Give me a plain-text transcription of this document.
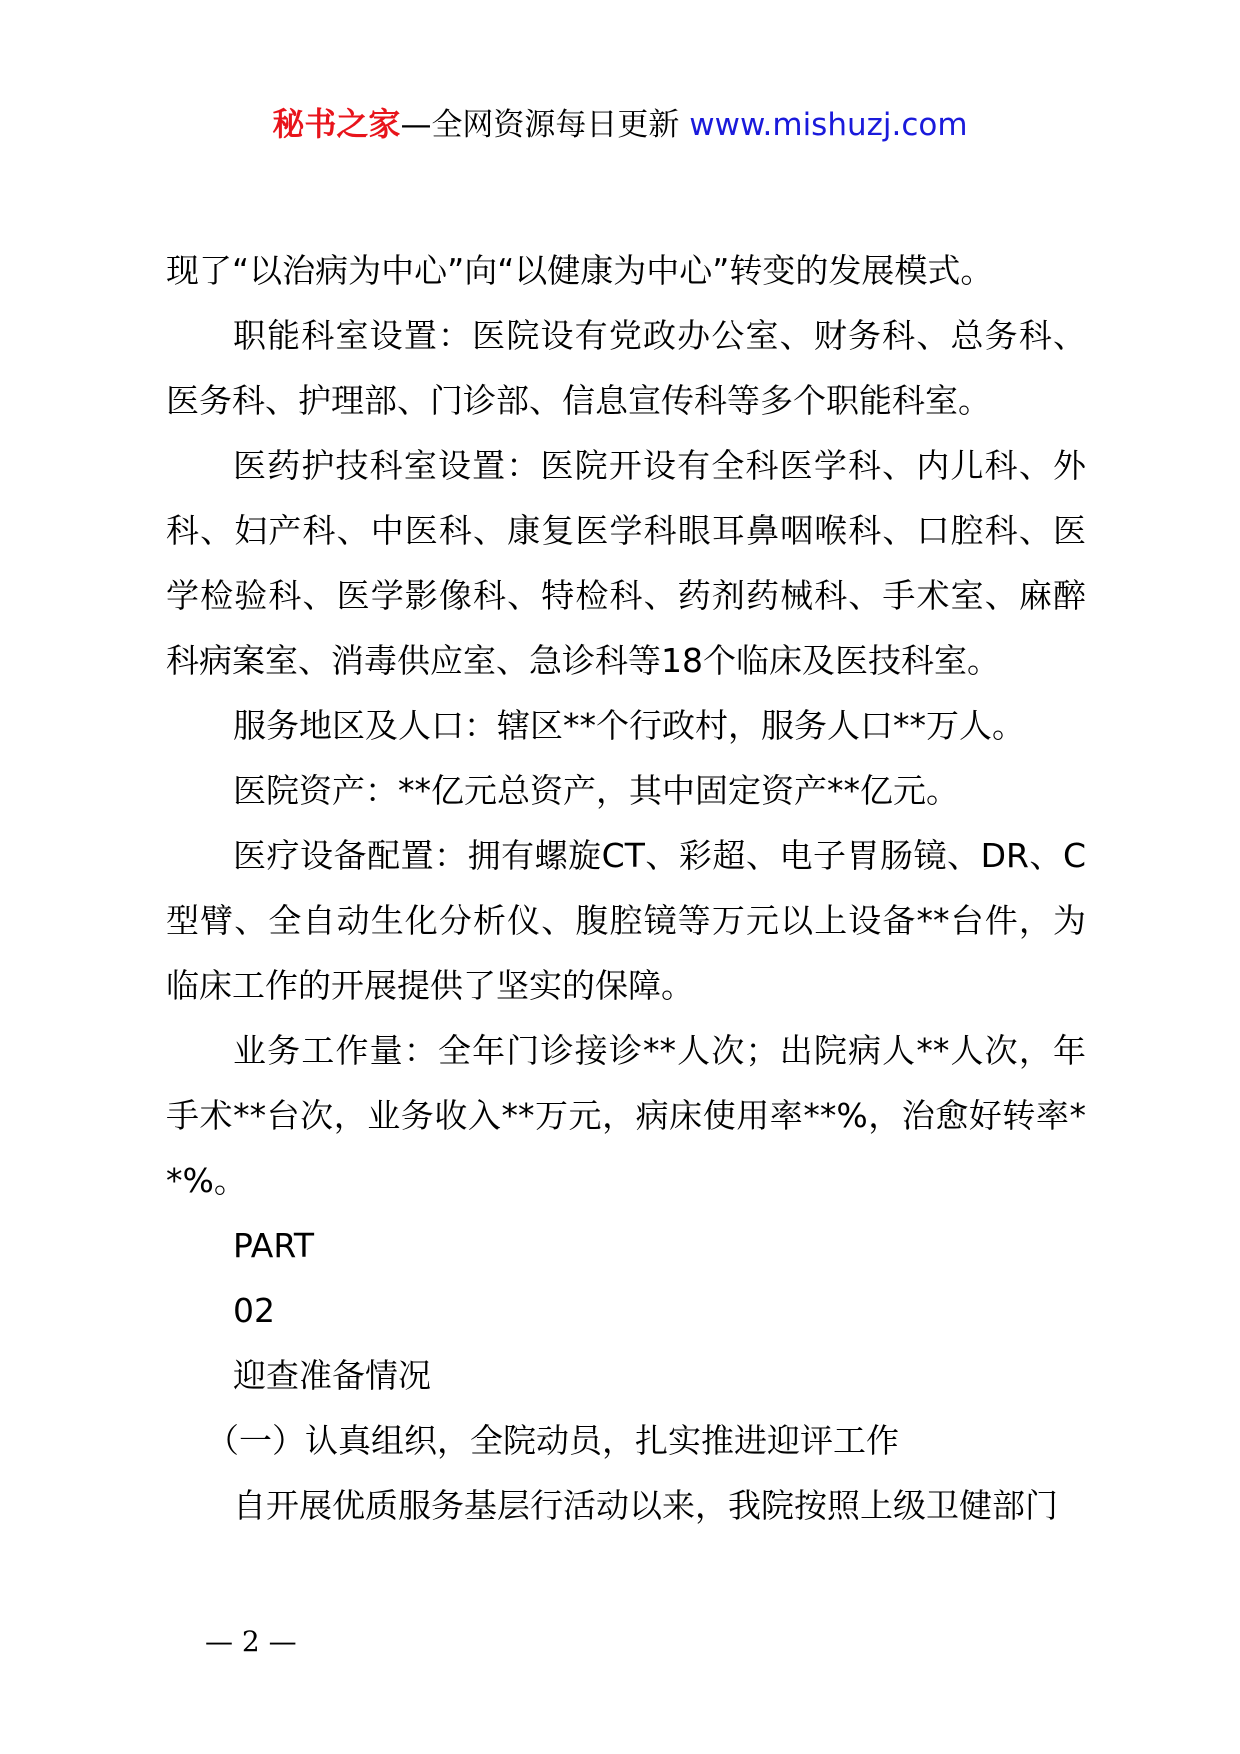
秘书之家—全网资源每日更新 www.mishuzj.com

现了“以治病为中心”向“以健康为中心”转变的发展模式。

职能科室设置：医院设有党政办公室、财务科、总务科、医务科、护理部、门诊部、信息宣传科等多个职能科室。

医药护技科室设置：医院开设有全科医学科、内儿科、外科、妇产科、中医科、康复医学科眼耳鼻咽喉科、口腔科、医学检验科、医学影像科、特检科、药剂药械科、手术室、麻醉科病案室、消毒供应室、急诊科等18个临床及医技科室。

服务地区及人口：辖区**个行政村，服务人口**万人。

医院资产：**亿元总资产，其中固定资产**亿元。

医疗设备配置：拥有螺旋CT、彩超、电子胃肠镜、DR、C型臂、全自动生化分析仪、腹腔镜等万元以上设备**台件，为临床工作的开展提供了坚实的保障。

业务工作量：全年门诊接诊**人次；出院病人**人次，年手术**台次，业务收入**万元，病床使用率**%，治愈好转率**%。

PART

02

迎查准备情况

（一）认真组织，全院动员，扎实推进迎评工作

自开展优质服务基层行活动以来，我院按照上级卫健部门

— 2 —
